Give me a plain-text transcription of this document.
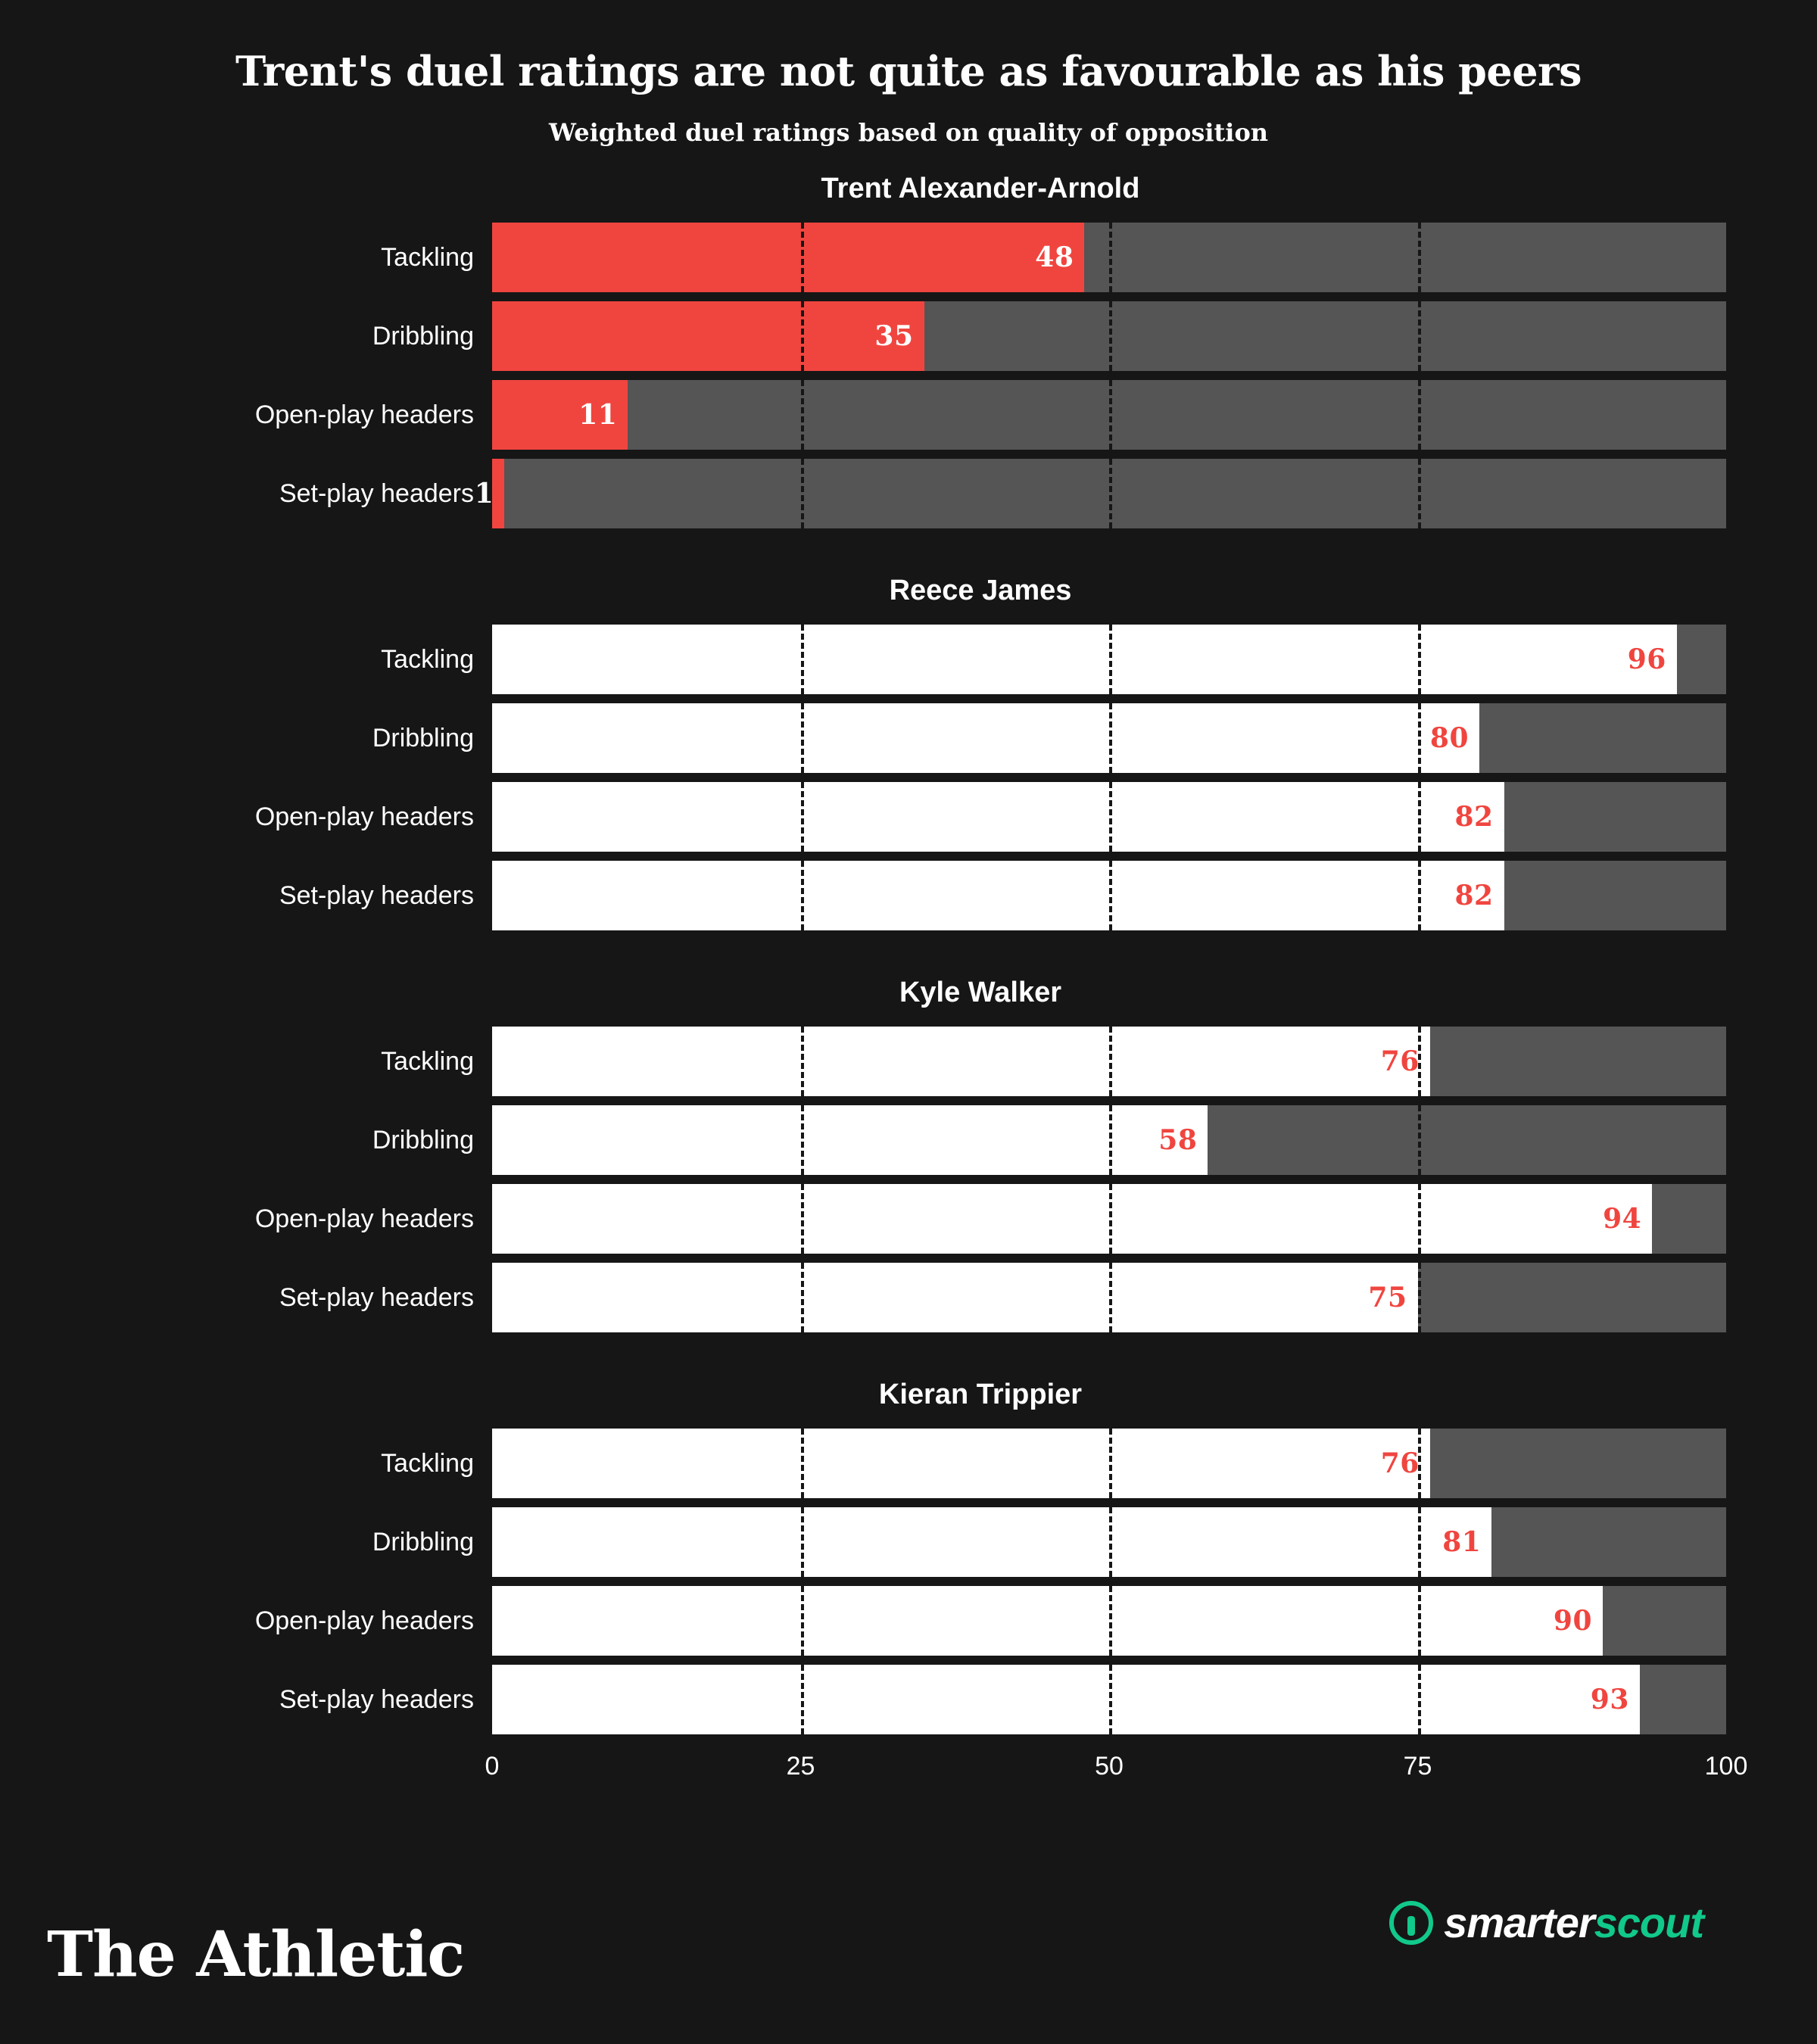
Trent's duel ratings are not quite as favourable as his peers
Weighted duel ratings based on quality of opposition
Trent Alexander-Arnold
Tackling	48
Dribbling	35
Open-play headers	11
Set-play headers 1
Reece James
Tackling	96
Dribbling	80
Open-play headers	82
Set-play headers	82
Kyle Walker
Tackling	76
Dribbling	58
Open-play headers	94
Set-play headers	75
Kieran Trippier
Tackling	76
Dribbling	81
Open-play headers	90
Set-play headers	93
0	25	50	75	100
The Athletic	smarterscout
